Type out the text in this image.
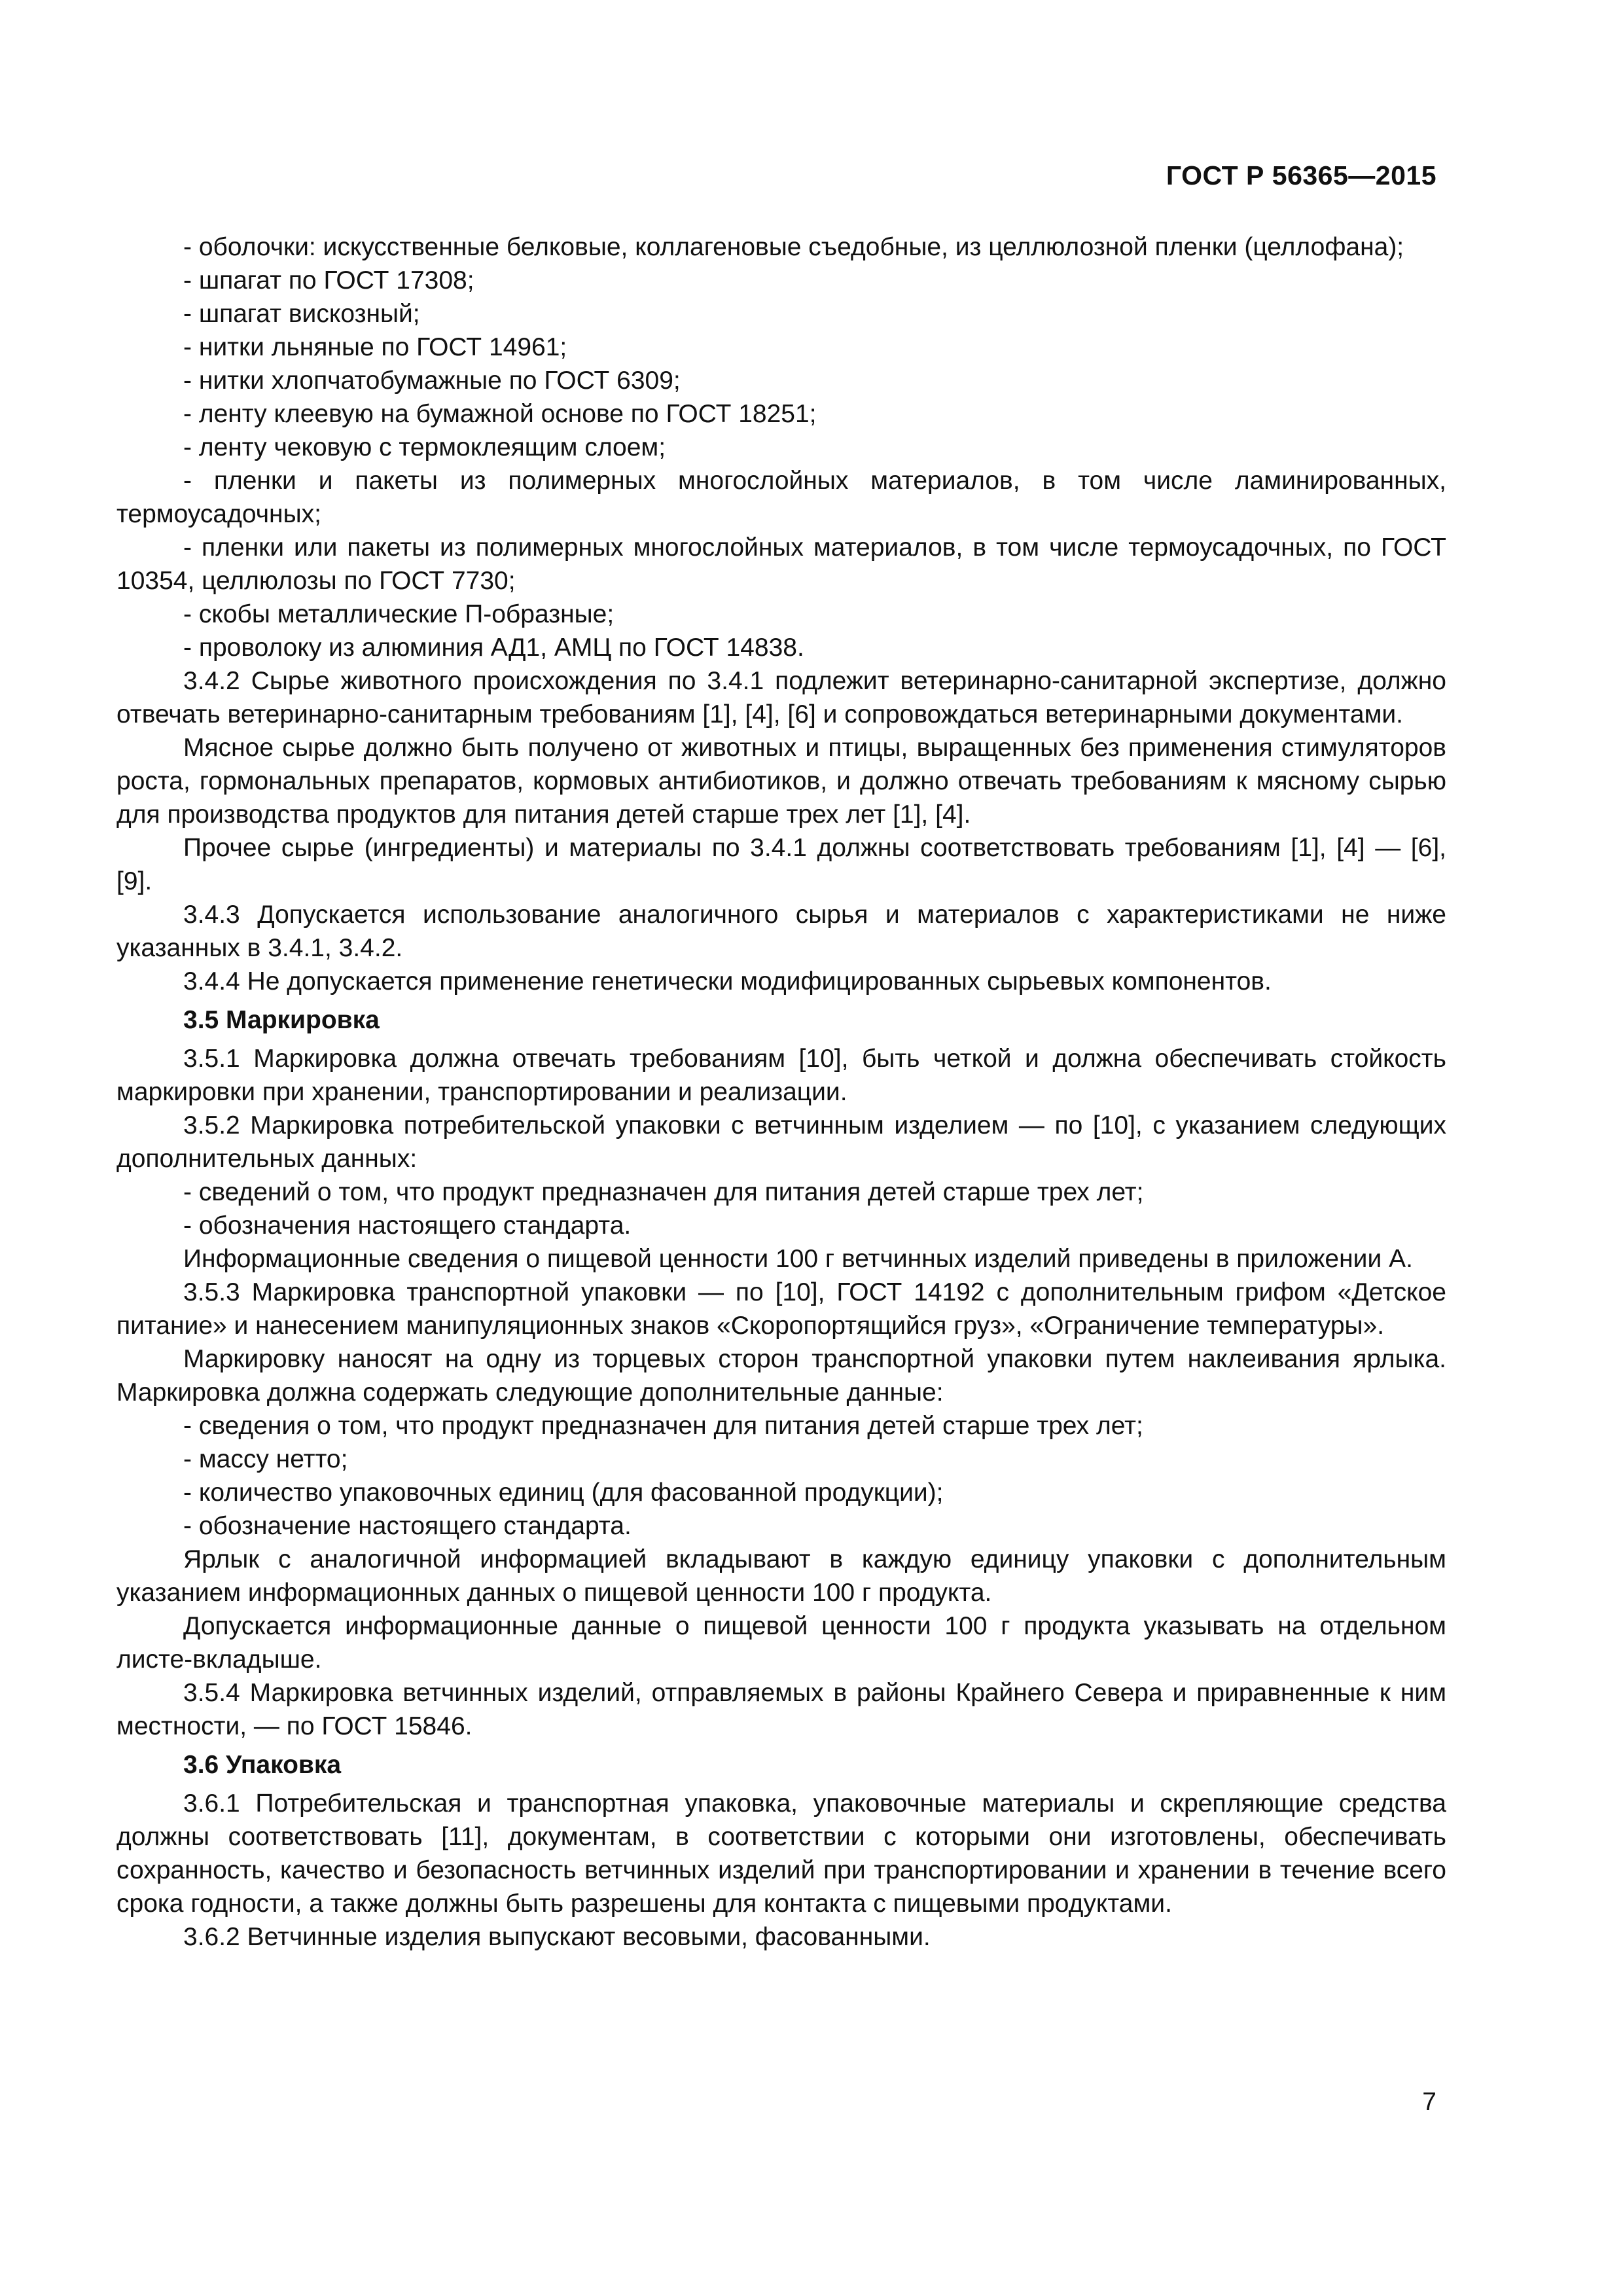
ГОСТ Р 56365—2015

- оболочки: искусственные белковые, коллагеновые съедобные, из целлюлозной пленки (целлофана);

- шпагат по ГОСТ 17308;

- шпагат вискозный;

- нитки льняные по ГОСТ 14961;

- нитки хлопчатобумажные по ГОСТ 6309;

- ленту клеевую на бумажной основе по ГОСТ 18251;

- ленту чековую с термоклеящим слоем;

- пленки и пакеты из полимерных многослойных материалов, в том числе ламинированных, термоусадочных;

- пленки или пакеты из полимерных многослойных материалов, в том числе термоусадочных, по ГОСТ 10354, целлюлозы по ГОСТ 7730;

- скобы металлические П-образные;

- проволоку из алюминия АД1, АМЦ по ГОСТ 14838.

3.4.2 Сырье животного происхождения по 3.4.1 подлежит ветеринарно-санитарной экспертизе, должно отвечать ветеринарно-санитарным требованиям [1], [4], [6] и сопровождаться ветеринарными документами.

Мясное сырье должно быть получено от животных и птицы, выращенных без применения стимуляторов роста, гормональных препаратов, кормовых антибиотиков, и должно отвечать требованиям к мясному сырью для производства продуктов для питания детей старше трех лет [1], [4].

Прочее сырье (ингредиенты) и материалы по 3.4.1 должны соответствовать требованиям [1], [4] — [6], [9].

3.4.3 Допускается использование аналогичного сырья и материалов с характеристиками не ниже указанных в 3.4.1, 3.4.2.

3.4.4 Не допускается применение генетически модифицированных сырьевых компонентов.

3.5 Маркировка

3.5.1 Маркировка должна отвечать требованиям [10], быть четкой и должна обеспечивать стойкость маркировки при хранении, транспортировании и реализации.

3.5.2 Маркировка потребительской упаковки с ветчинным изделием — по [10], с указанием следующих дополнительных данных:

- сведений о том, что продукт предназначен для питания детей старше трех лет;

- обозначения настоящего стандарта.

Информационные сведения о пищевой ценности 100 г ветчинных изделий приведены в приложении А.

3.5.3 Маркировка транспортной упаковки — по [10], ГОСТ 14192 с дополнительным грифом «Детское питание» и нанесением манипуляционных знаков «Скоропортящийся груз», «Ограничение температуры».

Маркировку наносят на одну из торцевых сторон транспортной упаковки путем наклеивания ярлыка. Маркировка должна содержать следующие дополнительные данные:

- сведения о том, что продукт предназначен для питания детей старше трех лет;

- массу нетто;

- количество упаковочных единиц (для фасованной продукции);

- обозначение настоящего стандарта.

Ярлык с аналогичной информацией вкладывают в каждую единицу упаковки с дополнительным указанием информационных данных о пищевой ценности 100 г продукта.

Допускается информационные данные о пищевой ценности 100 г продукта указывать на отдельном листе-вкладыше.

3.5.4 Маркировка ветчинных изделий, отправляемых в районы Крайнего Севера и приравненные к ним местности, — по ГОСТ 15846.

3.6 Упаковка

3.6.1 Потребительская и транспортная упаковка, упаковочные материалы и скрепляющие средства должны соответствовать [11], документам, в соответствии с которыми они изготовлены, обеспечивать сохранность, качество и безопасность ветчинных изделий при транспортировании и хранении в течение всего срока годности, а также должны быть разрешены для контакта с пищевыми продуктами.

3.6.2 Ветчинные изделия выпускают весовыми, фасованными.

7
